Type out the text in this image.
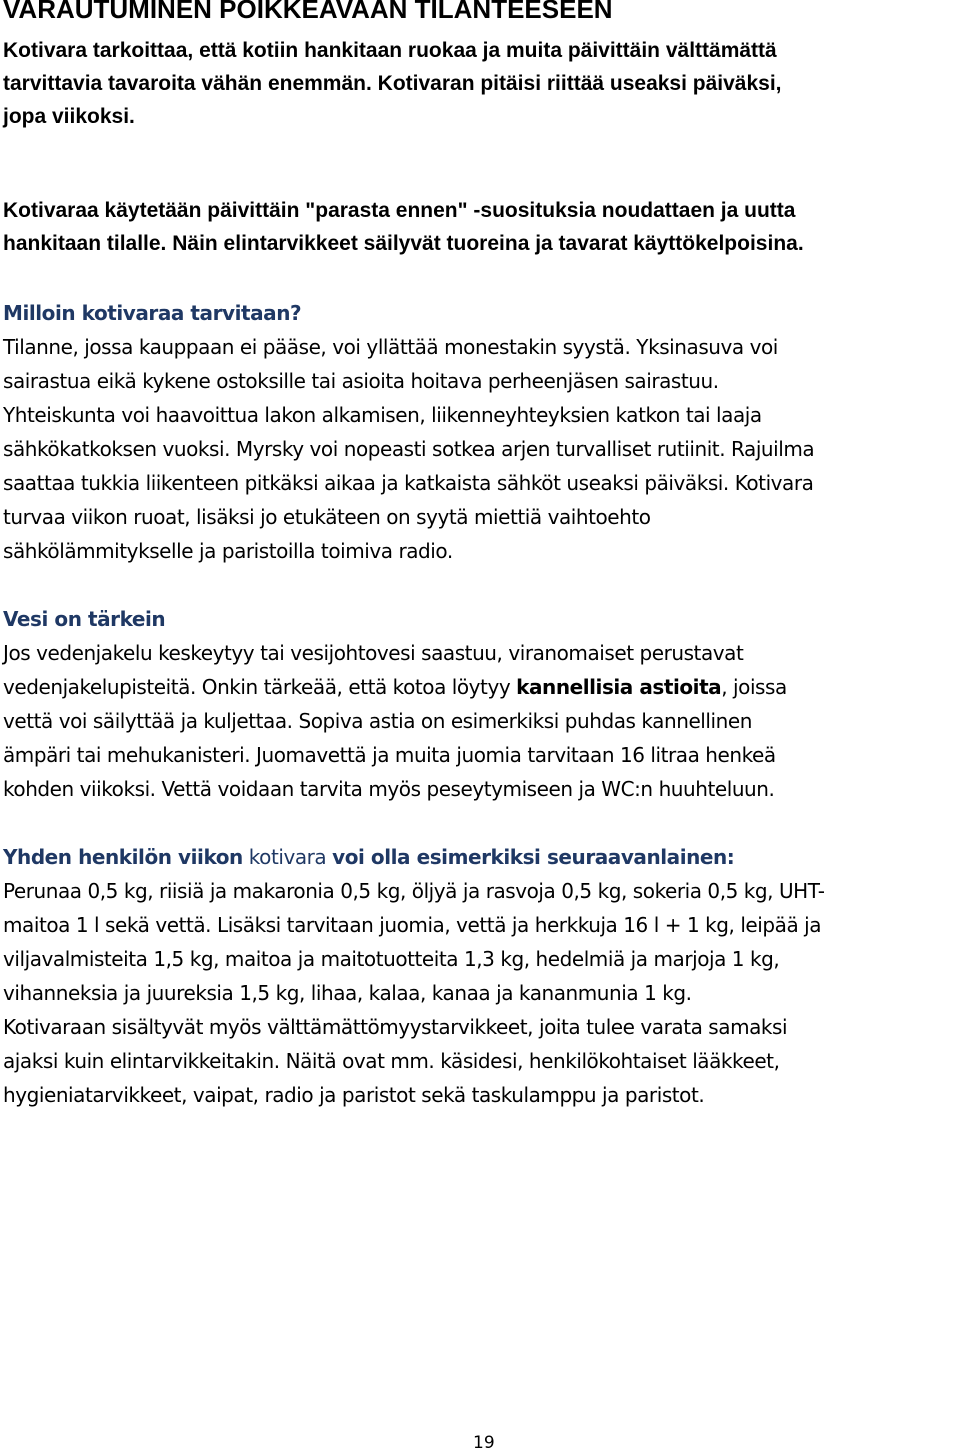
VARAUTUMINEN POIKKEAVAAN TILANTEESEEN

Kotivara tarkoittaa, että kotiin hankitaan ruokaa ja muita päivittäin välttämättä
tarvittavia tavaroita vähän enemmän. Kotivaran pitäisi riittää useaksi päiväksi,
jopa viikoksi.

Kotivaraa käytetään päivittäin "parasta ennen" -suosituksia noudattaen ja uutta
hankitaan tilalle. Näin elintarvikkeet säilyvät tuoreina ja tavarat käyttökelpoisina.

Milloin kotivaraa tarvitaan?
Tilanne, jossa kauppaan ei pääse, voi yllättää monestakin syystä. Yksinasuva voi
sairastua eikä kykene ostoksille tai asioita hoitava perheenjäsen sairastuu.
Yhteiskunta voi haavoittua lakon alkamisen, liikenneyhteyksien katkon tai laaja
sähkökatkoksen vuoksi. Myrsky voi nopeasti sotkea arjen turvalliset rutiinit. Rajuilma
saattaa tukkia liikenteen pitkäksi aikaa ja katkaista sähköt useaksi päiväksi. Kotivara
turvaa viikon ruoat, lisäksi jo etukäteen on syytä miettiä vaihtoehto
sähkölämmitykselle ja paristoilla toimiva radio.
Vesi on tärkein
Jos vedenjakelu keskeytyy tai vesijohtovesi saastuu, viranomaiset perustavat
vedenjakelupisteitä. Onkin tärkeää, että kotoa löytyy kannellisia astioita, joissa
vettä voi säilyttää ja kuljettaa. Sopiva astia on esimerkiksi puhdas kannellinen
ämpäri tai mehukanisteri. Juomavettä ja muita juomia tarvitaan 16 litraa henkeä
kohden viikoksi. Vettä voidaan tarvita myös peseytymiseen ja WC:n huuhteluun.
Yhden henkilön viikon kotivara voi olla esimerkiksi seuraavanlainen:
Perunaa 0,5 kg, riisiä ja makaronia 0,5 kg, öljyä ja rasvoja 0,5 kg, sokeria 0,5 kg, UHT-
maitoa 1 l sekä vettä. Lisäksi tarvitaan juomia, vettä ja herkkuja 16 l + 1 kg, leipää ja
viljavalmisteita 1,5 kg, maitoa ja maitotuotteita 1,3 kg, hedelmiä ja marjoja 1 kg,
vihanneksia ja juureksia 1,5 kg, lihaa, kalaa, kanaa ja kananmunia 1 kg.
Kotivaraan sisältyvät myös välttämättömyystarvikkeet, joita tulee varata samaksi
ajaksi kuin elintarvikkeitakin. Näitä ovat mm. käsidesi, henkilökohtaiset lääkkeet,
hygieniatarvikkeet, vaipat, radio ja paristot sekä taskulamppu ja paristot.
19
